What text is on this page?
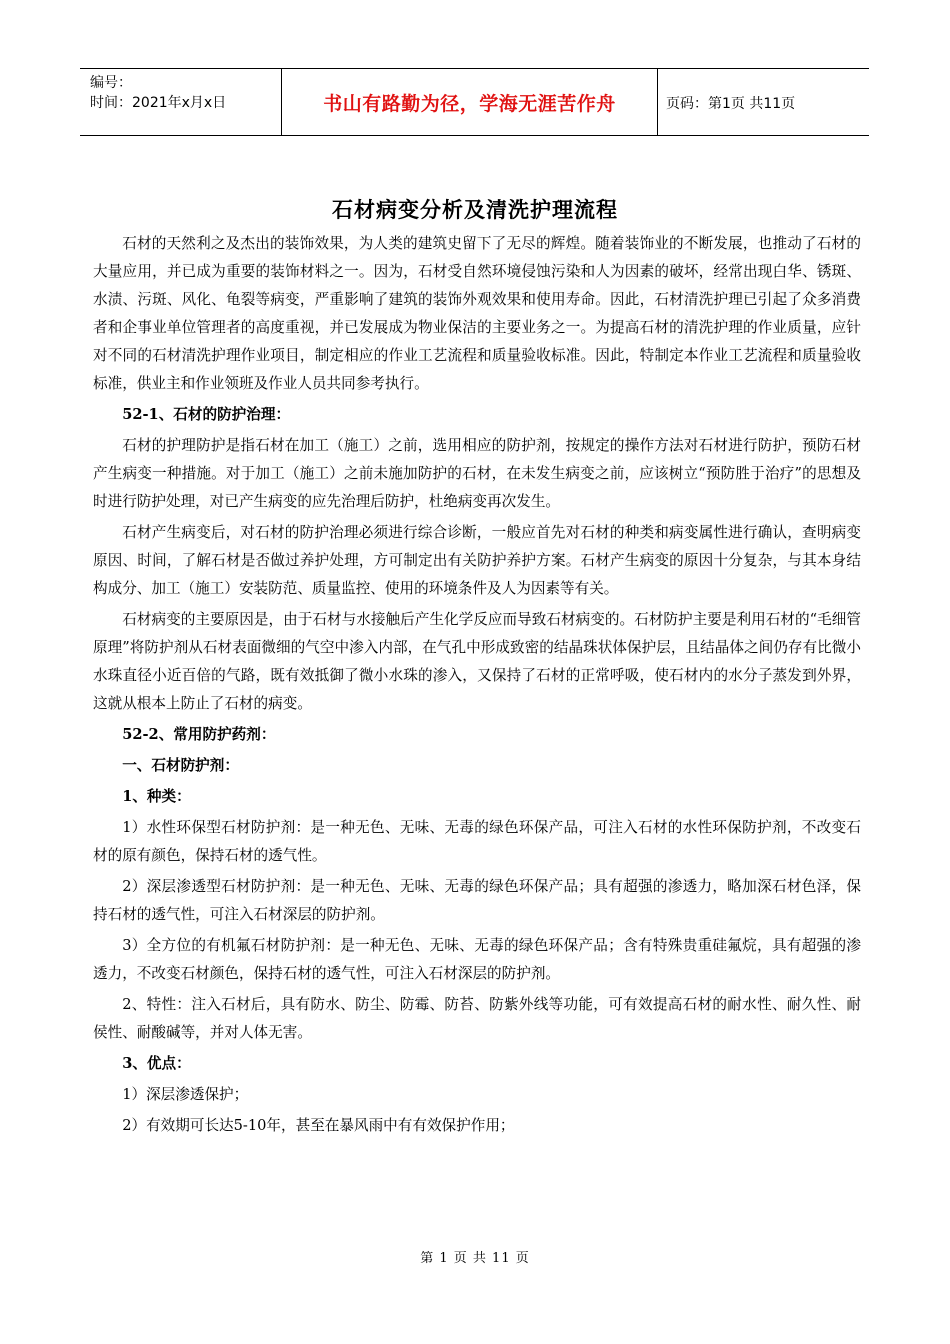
编号：
时间：2021年x月x日	书山有路勤为径，学海无涯苦作舟	页码：第1页 共11页
石材病变分析及清洗护理流程

石材的天然利之及杰出的装饰效果，为人类的建筑史留下了无尽的辉煌。随着装饰业的不断发展，也推动了石材的大量应用，并已成为重要的装饰材料之一。因为，石材受自然环境侵蚀污染和人为因素的破坏，经常出现白华、锈斑、水渍、污斑、风化、龟裂等病变，严重影响了建筑的装饰外观效果和使用寿命。因此，石材清洗护理已引起了众多消费者和企事业单位管理者的高度重视，并已发展成为物业保洁的主要业务之一。为提高石材的清洗护理的作业质量，应针对不同的石材清洗护理作业项目，制定相应的作业工艺流程和质量验收标准。因此，特制定本作业工艺流程和质量验收标准，供业主和作业领班及作业人员共同参考执行。

52-1、石材的防护治理：

石材的护理防护是指石材在加工（施工）之前，选用相应的防护剂，按规定的操作方法对石材进行防护，预防石材产生病变一种措施。对于加工（施工）之前未施加防护的石材，在未发生病变之前，应该树立“预防胜于治疗”的思想及时进行防护处理，对已产生病变的应先治理后防护，杜绝病变再次发生。

石材产生病变后，对石材的防护治理必须进行综合诊断，一般应首先对石材的种类和病变属性进行确认，查明病变原因、时间，了解石材是否做过养护处理，方可制定出有关防护养护方案。石材产生病变的原因十分复杂，与其本身结构成分、加工（施工）安装防范、质量监控、使用的环境条件及人为因素等有关。

石材病变的主要原因是，由于石材与水接触后产生化学反应而导致石材病变的。石材防护主要是利用石材的“毛细管原理”将防护剂从石材表面微细的气空中渗入内部，在气孔中形成致密的结晶珠状体保护层，且结晶体之间仍存有比微小水珠直径小近百倍的气路，既有效抵御了微小水珠的渗入，又保持了石材的正常呼吸，使石材内的水分子蒸发到外界，这就从根本上防止了石材的病变。

52-2、常用防护药剂：

一、石材防护剂：

1、种类：

1）水性环保型石材防护剂：是一种无色、无味、无毒的绿色环保产品，可注入石材的水性环保防护剂，不改变石材的原有颜色，保持石材的透气性。

2）深层渗透型石材防护剂：是一种无色、无味、无毒的绿色环保产品；具有超强的渗透力，略加深石材色泽，保持石材的透气性，可注入石材深层的防护剂。

3）全方位的有机氟石材防护剂：是一种无色、无味、无毒的绿色环保产品；含有特殊贵重硅氟烷，具有超强的渗透力，不改变石材颜色，保持石材的透气性，可注入石材深层的防护剂。

2、特性：注入石材后，具有防水、防尘、防霉、防苔、防紫外线等功能，可有效提高石材的耐水性、耐久性、耐侯性、耐酸碱等，并对人体无害。

3、优点：

1）深层渗透保护；

2）有效期可长达5-10年，甚至在暴风雨中有有效保护作用；

第 1 页 共 11 页
